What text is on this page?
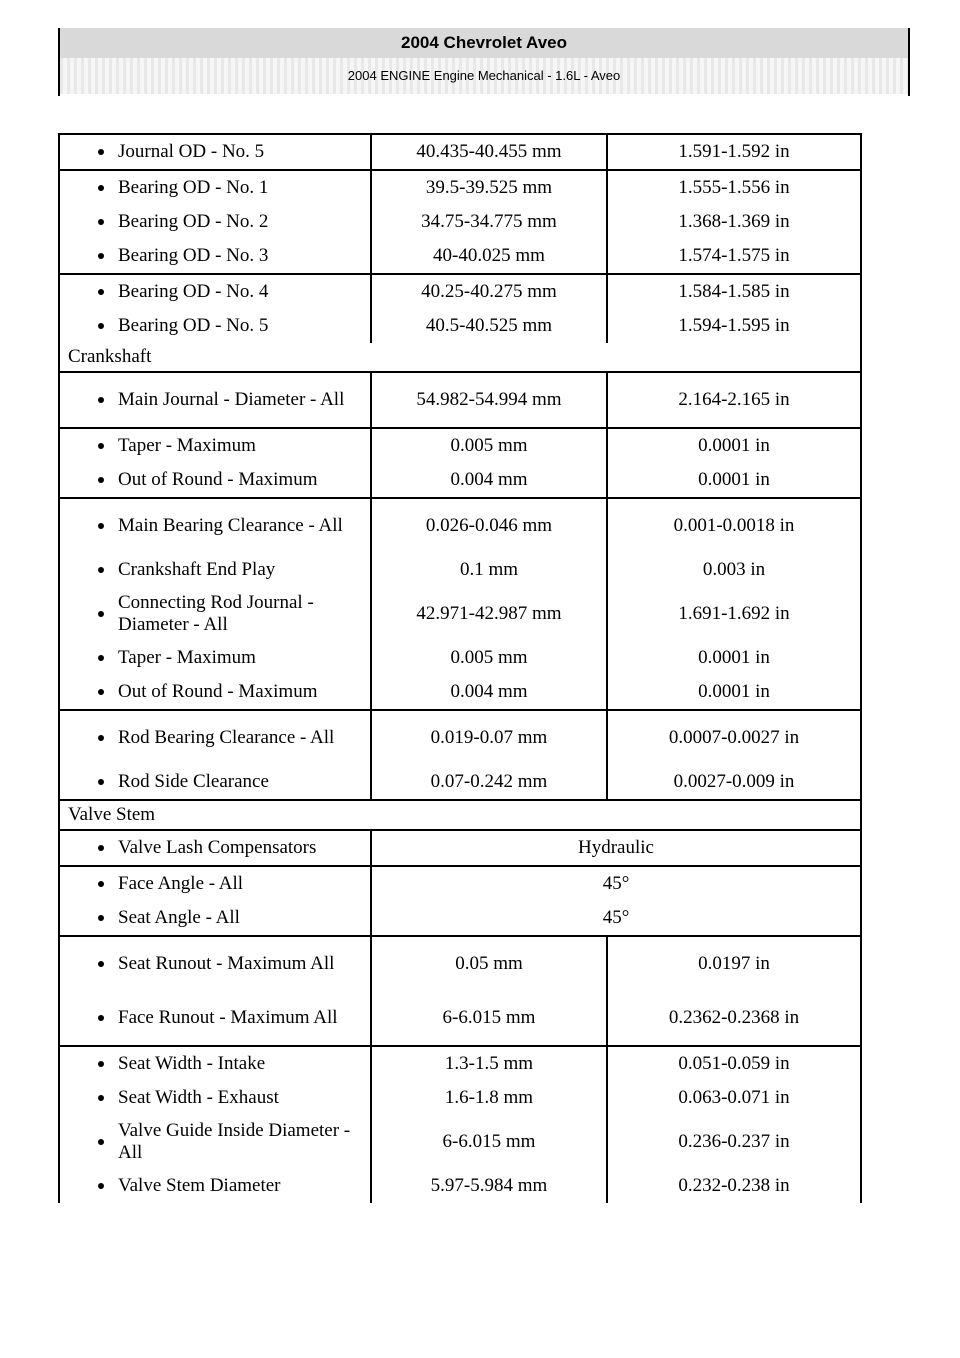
2004 Chevrolet Aveo
2004 ENGINE Engine Mechanical - 1.6L - Aveo
Journal OD - No. 5	40.435-40.455 mm	1.591-1.592 in

Bearing OD - No. 1	39.5-39.525 mm	1.555-1.556 in

Bearing OD - No. 2	34.75-34.775 mm	1.368-1.369 in

Bearing OD - No. 3	40-40.025 mm	1.574-1.575 in

Bearing OD - No. 4	40.25-40.275 mm	1.584-1.585 in

Bearing OD - No. 5	40.5-40.525 mm	1.594-1.595 in
Crankshaft		

Main Journal - Diameter - All	54.982-54.994 mm	2.164-2.165 in

Taper - Maximum	0.005 mm	0.0001 in

Out of Round - Maximum	0.004 mm	0.0001 in

Main Bearing Clearance - All	0.026-0.046 mm	0.001-0.0018 in

Crankshaft End Play	0.1 mm	0.003 in

Connecting Rod Journal - Diameter - All	42.971-42.987 mm	1.691-1.692 in

Taper - Maximum	0.005 mm	0.0001 in

Out of Round - Maximum	0.004 mm	0.0001 in

Rod Bearing Clearance - All	0.019-0.07 mm	0.0007-0.0027 in

Rod Side Clearance	0.07-0.242 mm	0.0027-0.009 in
Valve Stem		

Valve Lash Compensators	Hydraulic	

Face Angle - All	45°	

Seat Angle - All	45°	

Seat Runout - Maximum All	0.05 mm	0.0197 in

Face Runout - Maximum All	6-6.015 mm	0.2362-0.2368 in

Seat Width - Intake	1.3-1.5 mm	0.051-0.059 in

Seat Width - Exhaust	1.6-1.8 mm	0.063-0.071 in

Valve Guide Inside Diameter - All	6-6.015 mm	0.236-0.237 in

Valve Stem Diameter	5.97-5.984 mm	0.232-0.238 in
